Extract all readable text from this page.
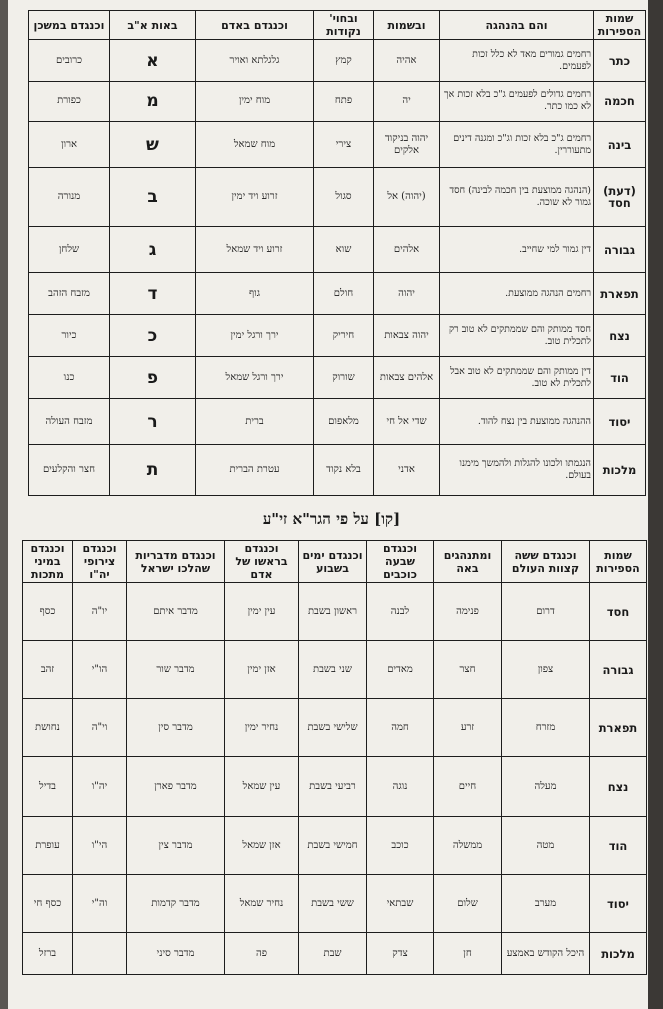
שמות הספירות	והם בהנהגה	ובשמות	ובחוי' נקודות	וכנגדם באדם	באות א"ב	וכנגדם במשכן
כתר	רחמים גמורים מאד לא כלל זכות לפעמים.	אהיה	קמץ	גלגלתא ואויר	א	כרובים
חכמה	רחמים גדולים לפעמים ג"כ בלא זכות אך לא כמו כתר.	יה	פתח	מוח ימין	מ	כפורת
בינה	רחמים ג"כ בלא זכות וג"כ ומגנה דינים מתעוררין.	יהוה בניקוד אלקים	צירי	מוח שמאל	ש	ארון
(דעת) חסד	(הנהגה ממוצעת בין חכמה לבינה) חסד גמור לא שוכה.	(יהוה) אל	סגול	זרוע ויד ימין	ב	מנורה
גבורה	דין גמור למי שחייב.	אלהים	שוא	זרוע ויד שמאל	ג	שלחן
תפארת	רחמים הנהגה ממוצעת.	יהוה	חולם	גוף	ד	מזבח הזהב
נצח	חסד ממותק והם שממתקים לא טוב רק לתכלית טוב.	יהוה צבאות	חיריק	ירך ורגל ימין	כ	כיור
הוד	דין ממותק והם שממתקים לא טוב אבל לתכלית לא טוב.	אלהים צבאות	שורוק	ירך ורגל שמאל	פ	כנו
יסוד	ההנהגה ממוצעת בין נצח להוד.	שדי אל חי	מלאפום	ברית	ר	מזבח העולה
מלכות	הנגמתו ולכונו להגלות ולהמשך מימנו בעולם.	אדני	בלא נקוד	עטרת הברית	ת	חצר והקלעים
[קו] על פי הגר"א זי"ע
שמות הספירות	וכנגדם ששה קצוות העולם	ומתנהגים באה	וכנגדם שבעה כוכבים	וכנגדם ימים בשבוע	וכנגדם בראשו של אדם	וכנגדם מדבריות שהלכו ישראל	וכנגדם צירופי יה"ו	וכנגדם במיני מתכות
חסד	דרום	פנימה	לבנה	ראשון בשבת	עין ימין	מדבר איתם	יו"ה	כסף
גבורה	צפון	חצר	מאדים	שני בשבת	אזן ימין	מדבר שור	הו"י	זהב
תפארת	מזרח	זרע	חמה	שלישי בשבת	נחיר ימין	מדבר סין	וי"ה	נחושת
נצח	מעלה	חיים	נוגה	רביעי בשבת	עין שמאל	מדבר פארן	יה"ו	בדיל
הוד	מטה	ממשלה	כוכב	חמישי בשבת	אזן שמאל	מדבר צין	הי"ו	עופרת
יסוד	מערב	שלום	שבתאי	ששי בשבת	נחיר שמאל	מדבר קדמות	וה"י	כסף חי
מלכות	היכל הקודש באמצע	חן	צדק	שבת	פה	מדבר סיני		ברזל
